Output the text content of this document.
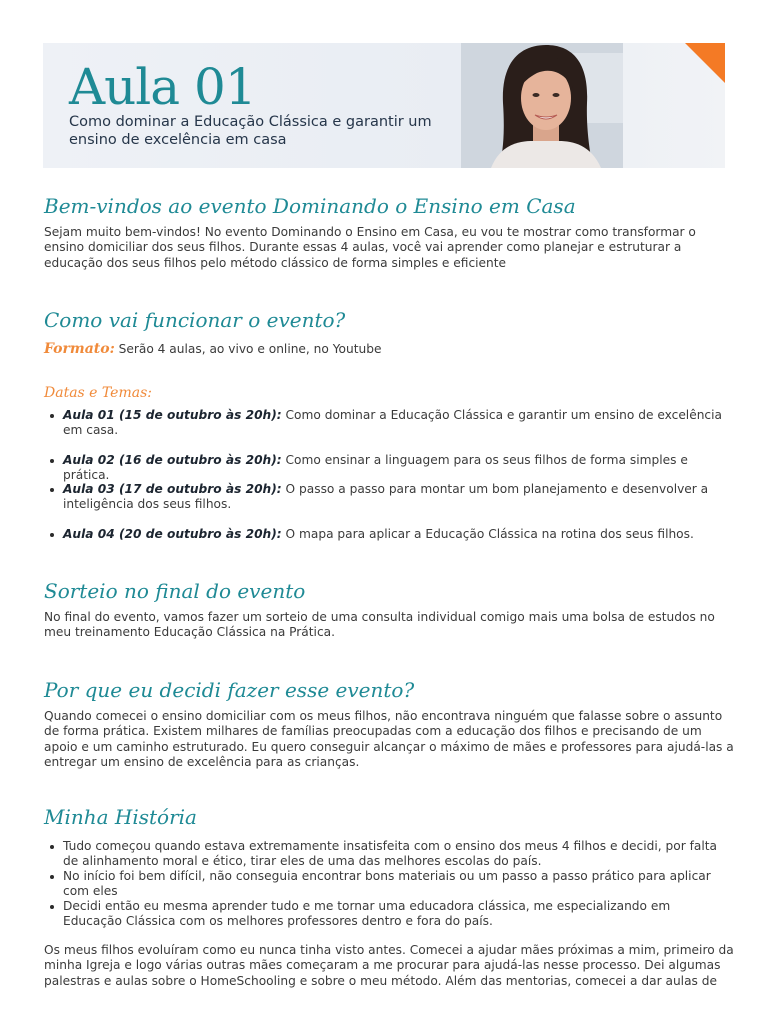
Aula 01
Como dominar a Educação Clássica e garantir um ensino de excelência em casa
Bem-vindos ao evento Dominando o Ensino em Casa

Sejam muito bem-vindos! No evento Dominando o Ensino em Casa, eu vou te mostrar como transformar o ensino domiciliar dos seus filhos. Durante essas 4 aulas, você vai aprender como planejar e estruturar a educação dos seus filhos pelo método clássico de forma simples e eficiente

Como vai funcionar o evento?

Formato: Serão 4 aulas, ao vivo e online, no Youtube

Datas e Temas:
Aula 01 (15 de outubro às 20h): Como dominar a Educação Clássica e garantir um ensino de excelência em casa.
Aula 02 (16 de outubro às 20h): Como ensinar a linguagem para os seus filhos de forma simples e prática.
Aula 03 (17 de outubro às 20h): O passo a passo para montar um bom planejamento e desenvolver a inteligência dos seus filhos.
Aula 04 (20 de outubro às 20h): O mapa para aplicar a Educação Clássica na rotina dos seus filhos.
Sorteio no final do evento

No final do evento, vamos fazer um sorteio de uma consulta individual comigo mais uma bolsa de estudos no meu treinamento Educação Clássica na Prática.

Por que eu decidi fazer esse evento?

Quando comecei o ensino domiciliar com os meus filhos, não encontrava ninguém que falasse sobre o assunto de forma prática. Existem milhares de famílias preocupadas com a educação dos filhos e precisando de um apoio e um caminho estruturado. Eu quero conseguir alcançar o máximo de mães e professores para ajudá-las a entregar um ensino de excelência para as crianças.

Minha História
Tudo começou quando estava extremamente insatisfeita com o ensino dos meus 4 filhos e decidi, por falta de alinhamento moral e ético, tirar eles de uma das melhores escolas do país.
No início foi bem difícil, não conseguia encontrar bons materiais ou um passo a passo prático para aplicar com eles
Decidi então eu mesma aprender tudo e me tornar uma educadora clássica, me especializando em Educação Clássica com os melhores professores dentro e fora do país.

Os meus filhos evoluíram como eu nunca tinha visto antes. Comecei a ajudar mães próximas a mim, primeiro da minha Igreja e logo várias outras mães começaram a me procurar para ajudá-las nesse processo. Dei algumas palestras e aulas sobre o HomeSchooling e sobre o meu método. Além das mentorias, comecei a dar aulas de
